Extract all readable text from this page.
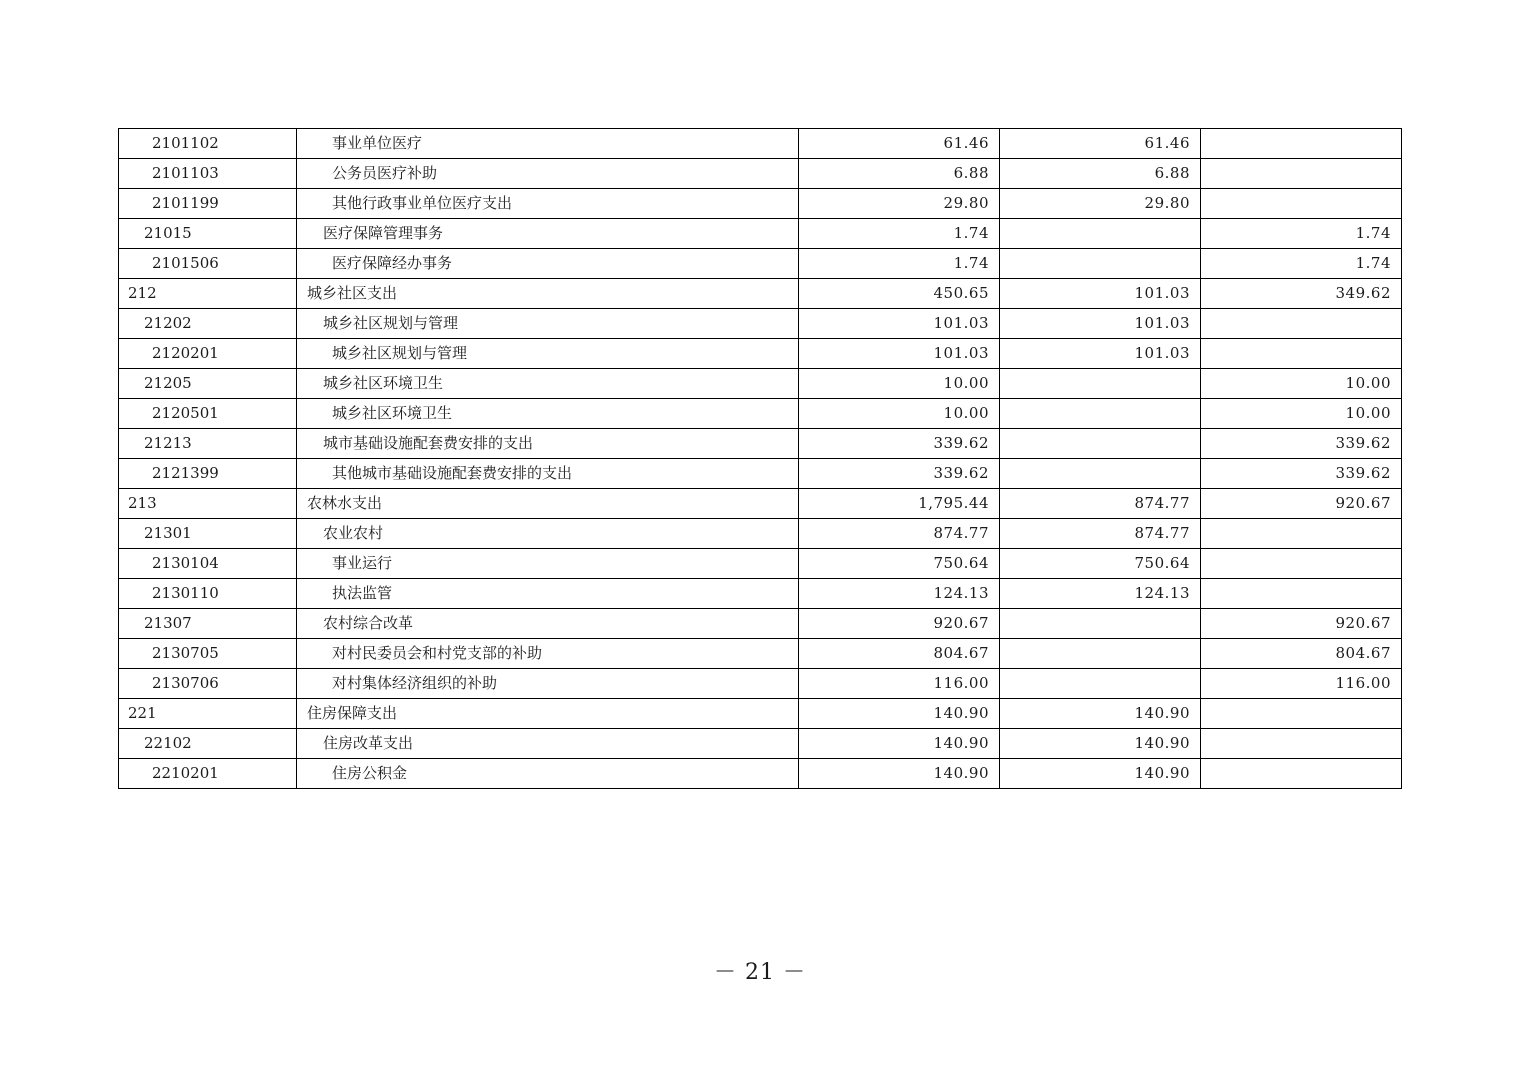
2101102	事业单位医疗	61.46	61.46	
2101103	公务员医疗补助	6.88	6.88	
2101199	其他行政事业单位医疗支出	29.80	29.80	
21015	医疗保障管理事务	1.74		1.74
2101506	医疗保障经办事务	1.74		1.74
212	城乡社区支出	450.65	101.03	349.62
21202	城乡社区规划与管理	101.03	101.03	
2120201	城乡社区规划与管理	101.03	101.03	
21205	城乡社区环境卫生	10.00		10.00
2120501	城乡社区环境卫生	10.00		10.00
21213	城市基础设施配套费安排的支出	339.62		339.62
2121399	其他城市基础设施配套费安排的支出	339.62		339.62
213	农林水支出	1,795.44	874.77	920.67
21301	农业农村	874.77	874.77	
2130104	事业运行	750.64	750.64	
2130110	执法监管	124.13	124.13	
21307	农村综合改革	920.67		920.67
2130705	对村民委员会和村党支部的补助	804.67		804.67
2130706	对村集体经济组织的补助	116.00		116.00
221	住房保障支出	140.90	140.90	
22102	住房改革支出	140.90	140.90	
2210201	住房公积金	140.90	140.90	
－ 21 －
